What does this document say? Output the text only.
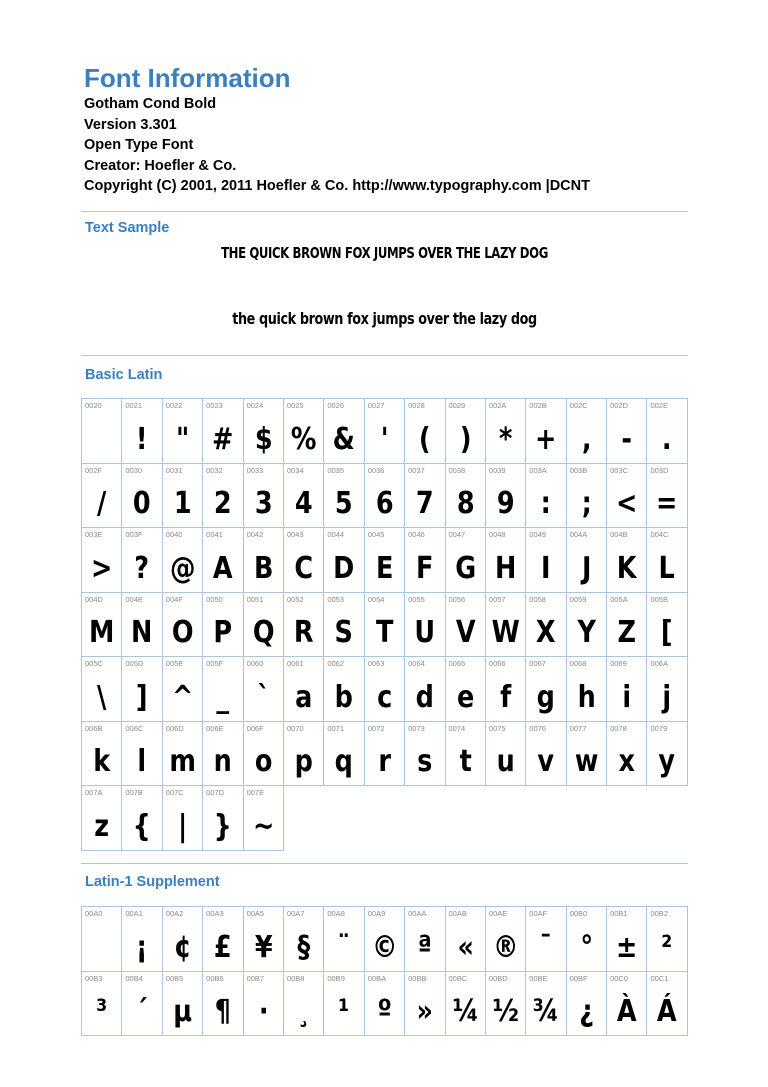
Font Information
Gotham Cond Bold
Version 3.301
Open Type Font
Creator: Hoefler & Co.
Copyright (C) 2001, 2011 Hoefler & Co. http://www.typography.com |DCNT
Text Sample

THE QUICK BROWN FOX JUMPS OVER THE LAZY DOG

the quick brown fox jumps over the lazy dog

Basic Latin
0020	0021
!
0022
"
0023
#
0024
$
0025
%
0026
&
0027
'
0028
(
0029
)
002A
*
002B
+
002C
,
002D
-
002E
.
002F
/
0030
0
0031
1
0032
2
0033
3
0034
4
0035
5
0036
6
0037
7
0038
8
0039
9
003A
:
003B
;
003C
<
003D
=
003E
>
003F
?
0040
@
0041
A
0042
B
0043
C
0044
D
0045
E
0046
F
0047
G
0048
H
0049
I
004A
J
004B
K
004C
L
004D
M
004E
N
004F
O
0050
P
0051
Q
0052
R
0053
S
0054
T
0055
U
0056
V
0057
W
0058
X
0059
Y
005A
Z
005B
[
005C
\
005D
]
005E
^
005F
_
0060
`
0061
a
0062
b
0063
c
0064
d
0065
e
0066
f
0067
g
0068
h
0069
i
006A
j
006B
k
006C
l
006D
m
006E
n
006F
o
0070
p
0071
q
0072
r
0073
s
0074
t
0075
u
0076
v
0077
w
0078
x
0079
y
007A
z
007B
{
007C
|
007D
}
007E
~
Latin-1 Supplement
00A0	00A1
¡
00A2
¢
00A3
£
00A5
¥
00A7
§
00A8
¨
00A9
©
00AA
ª
00AB
«
00AE
®
00AF
¯
00B0
°
00B1
±
00B2
²
00B3
³
00B4
´
00B5
µ
00B6
¶
00B7
·
00B8
¸
00B9
¹
00BA
º
00BB
»
00BC
¼
00BD
½
00BE
¾
00BF
¿
00C0
À
00C1
Á
